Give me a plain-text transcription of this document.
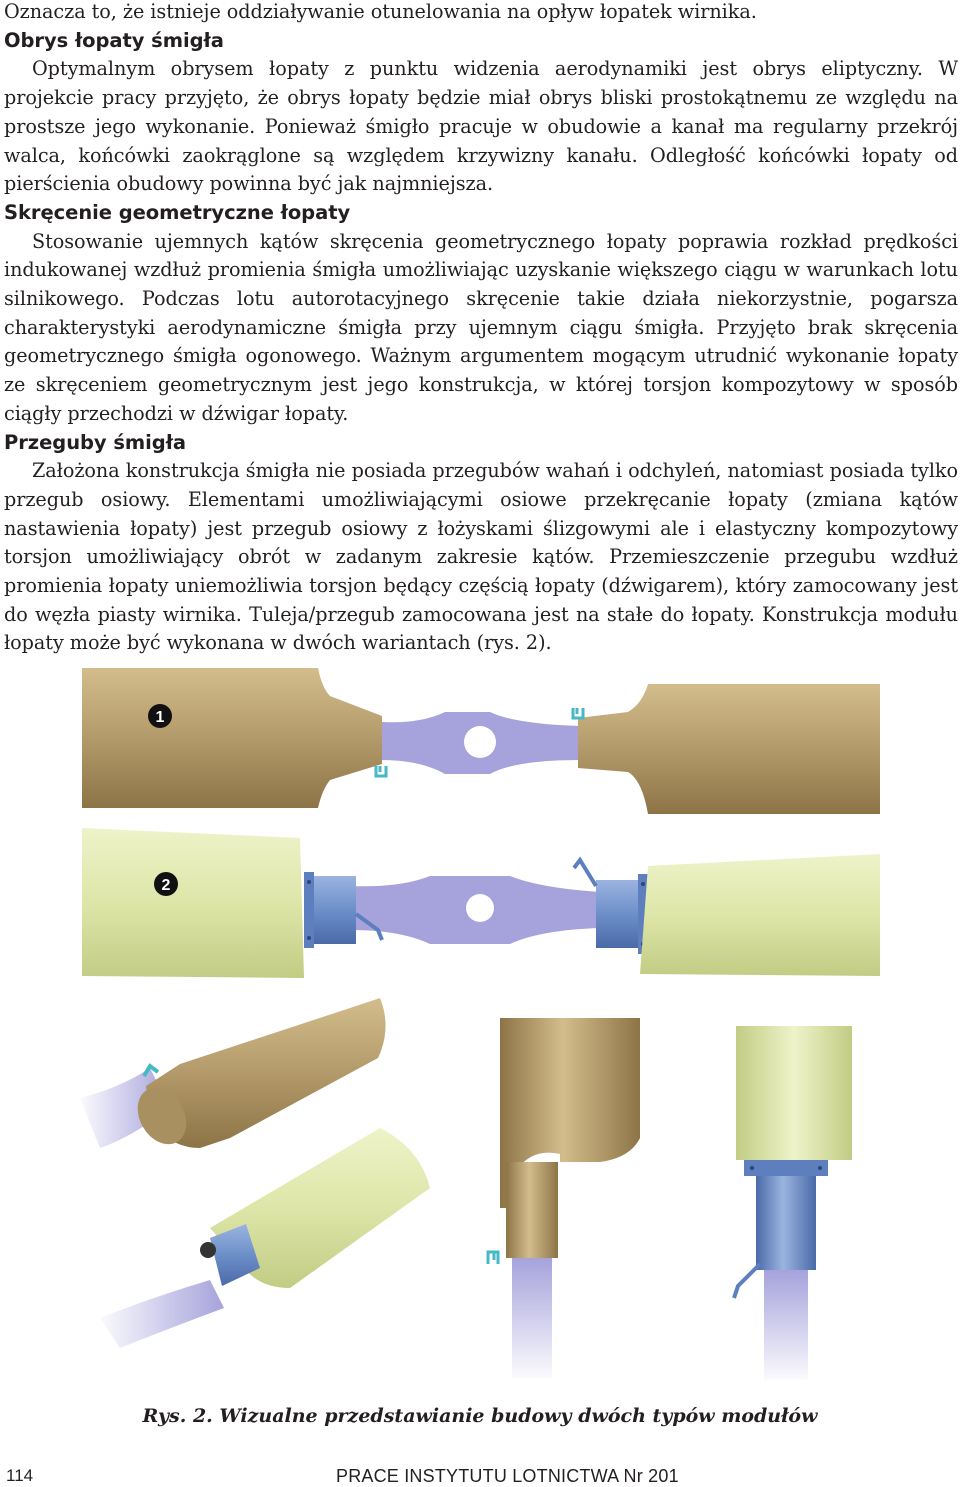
Oznacza to, że istnieje oddziaływanie otunelowania na opływ łopatek wirnika.

Obrys łopaty śmigła

Optymalnym obrysem łopaty z punktu widzenia aerodynamiki jest obrys eliptyczny. W projekcie pracy przyjęto, że obrys łopaty będzie miał obrys bliski prostokątnemu ze względu na prostsze jego wykonanie. Ponieważ śmigło pracuje w obudowie a kanał ma regularny przekrój walca, końcówki zaokrąglone są względem krzywizny kanału. Odległość końcówki łopaty od pierścienia obudowy powinna być jak najmniejsza.

Skręcenie geometryczne łopaty

Stosowanie ujemnych kątów skręcenia geometrycznego łopaty poprawia rozkład prędkości indukowanej wzdłuż promienia śmigła umożliwiając uzyskanie większego ciągu w warunkach lotu silnikowego. Podczas lotu autorotacyjnego skręcenie takie działa niekorzystnie, pogarsza charakterystyki aerodynamiczne śmigła przy ujemnym ciągu śmigła. Przyjęto brak skręcenia geometrycznego śmigła ogonowego. Ważnym argumentem mogącym utrudnić wykonanie łopaty ze skręceniem geometrycznym jest jego konstrukcja, w której torsjon kompozytowy w sposób ciągły przechodzi w dźwigar łopaty.

Przeguby śmigła

Założona konstrukcja śmigła nie posiada przegubów wahań i odchyleń, natomiast posiada tylko przegub osiowy. Elementami umożliwiającymi osiowe przekręcanie łopaty (zmiana kątów nastawienia łopaty) jest przegub osiowy z łożyskami ślizgowymi ale i elastyczny kompozytowy torsjon umożliwiający obrót w zadanym zakresie kątów. Przemieszczenie przegubu wzdłuż promienia łopaty uniemożliwia torsjon będący częścią łopaty (dźwigarem), który zamocowany jest do węzła piasty wirnika. Tuleja/przegub zamocowana jest na stałe do łopaty. Konstrukcja modułu łopaty może być wykonana w dwóch wariantach (rys. 2).

1
2
Rys. 2. Wizualne przedstawianie budowy dwóch typów modułów
114	PRACE INSTYTUTU LOTNICTWA Nr 201
